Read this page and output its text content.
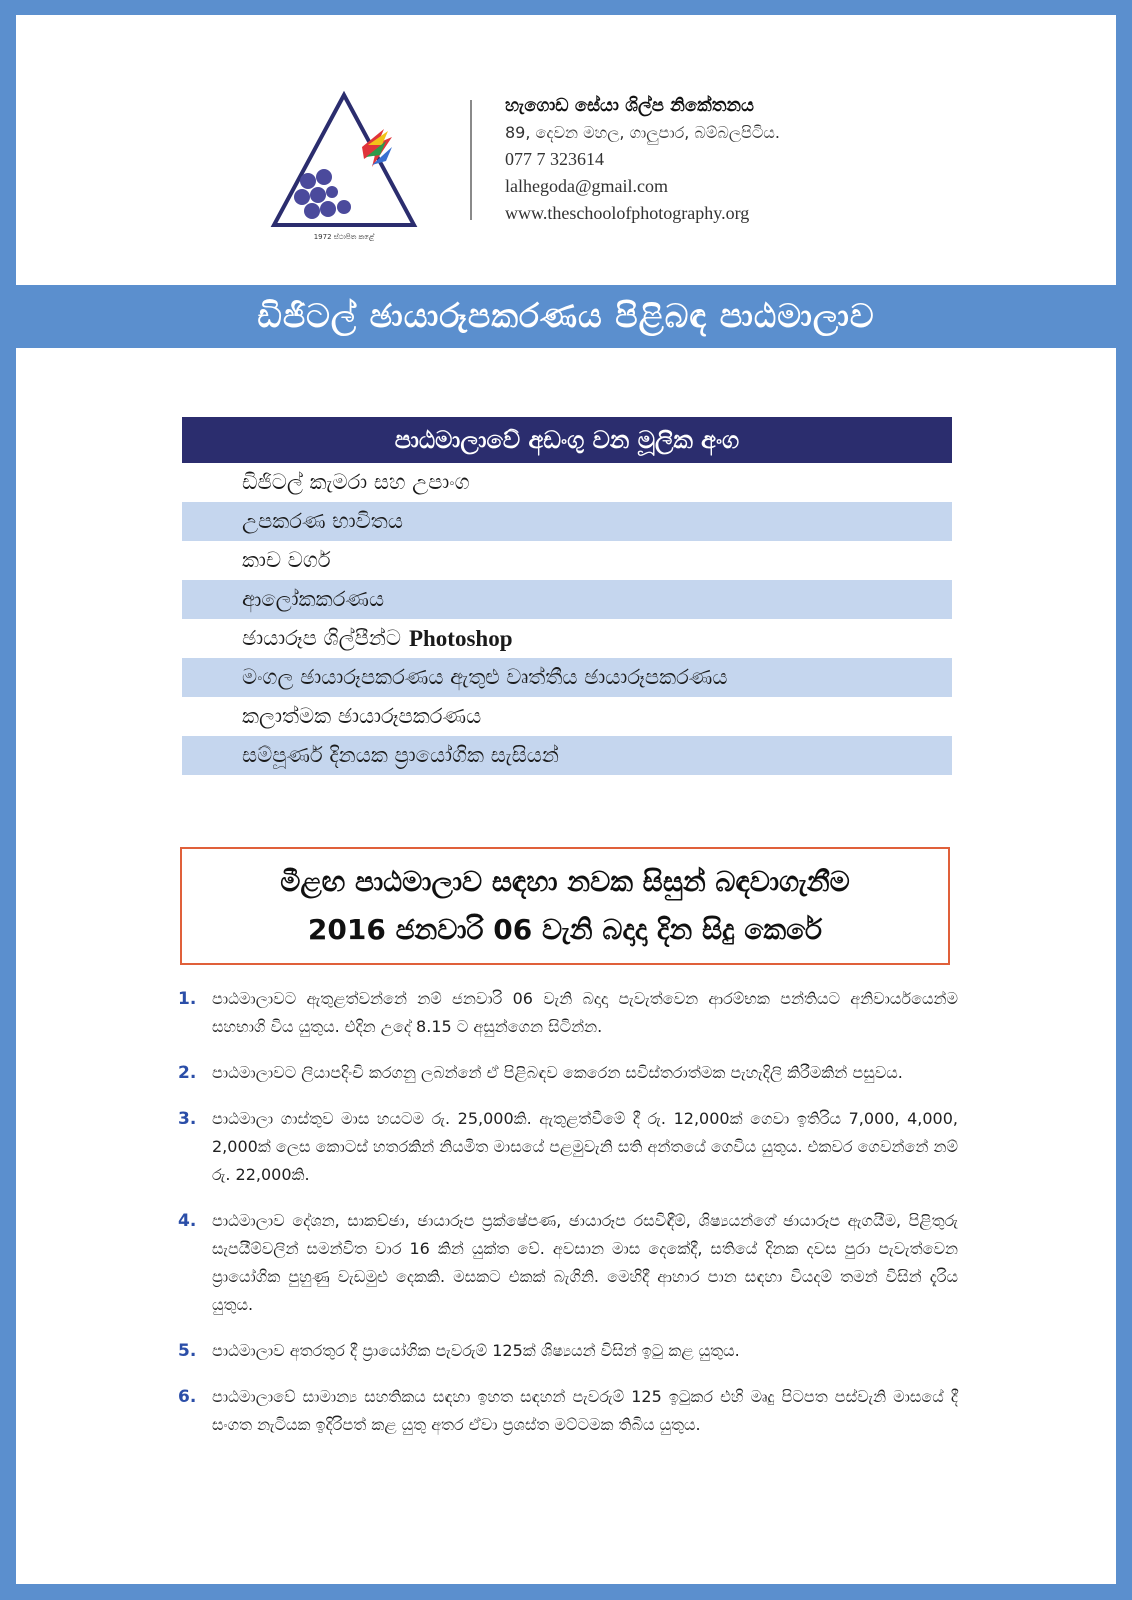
1972 ස්ථාපිත කළේ
හැගොඩ සේයා ශිල්ප නිකේතනය
89, දෙවන මහල, ගාලුපාර, බම්බලපිටිය.
077 7 323614
lalhegoda@gmail.com
www.theschoolofphotography.org
ඩිජිටල් ඡායාරූපකරණය පිළිබඳ පාඨමාලාව
පාඨමාලාවේ අඩංගු වන මූලික අංග
ඩිජිටල් කැමරා සහ උපාංග
උපකරණ භාවිතය
කාච වර්ග
ආලෝකකරණය
ඡායාරූප ශිල්පීන්ට Photoshop
මංගල ඡායාරූපකරණය ඇතුළු වෘත්තීය ඡායාරූපකරණය
කලාත්මක ඡායාරූපකරණය
සම්පූර්ණ දිනයක ප්‍රායෝගික සැසියන්
මීළඟ පාඨමාලාව සඳහා නවක සිසුන් බඳවාගැනීම
2016 ජනවාරි 06 වැනි බදාදා දින සිදු කෙරේ
1. පාඨමාලාවට ඇතුළත්වන්නේ නම් ජනවාරි 06 වැනි බදාදා පැවැත්වෙන ආරම්භක පන්තියට අනිවාර්යයෙන්ම සහභාගි විය යුතුය. එදින උදේ 8.15 ට අසුන්ගෙන සිටින්න.
2. පාඨමාලාවට ලියාපදිංචි කරගනු ලබන්නේ ඒ පිළිබඳව කෙරෙන සවිස්තරාත්මක පැහැදිලි කිරීමකින් පසුවය.
3. පාඨමාලා ගාස්තුව මාස හයටම රු. 25,000කි. ඇතුළත්වීමේ දී රු. 12,000ක් ගෙවා ඉතිරිය 7,000, 4,000, 2,000ක් ලෙස කොටස් හතරකින් නියමිත මාසයේ පළමුවැනි සති අන්තයේ ගෙවිය යුතුය. එකවර ගෙවන්නේ නම් රු. 22,000කි.
4. පාඨමාලාව දේශන, සාකච්ඡා, ඡායාරූප ප්‍රක්ෂේපණ, ඡායාරූප රසවිඳීම්, ශිෂ්‍යයන්ගේ ඡායාරූප ඇගයීම, පිළිතුරු සැපයීම්වලින් සමන්විත වාර 16 කින් යුක්ත වේ. අවසාන මාස දෙකේදී, සතියේ දිනක දවස පුරා පැවැත්වෙන ප්‍රායෝගික පුහුණු වැඩමුළු දෙකකි. මසකට එකක් බැගිනි. මෙහිදී ආහාර පාන සඳහා වියදම් තමන් විසින් දැරිය යුතුය.
5. පාඨමාලාව අතරතුර දී ප්‍රායෝගික පැවරුම් 125ක් ශිෂ්‍යයන් විසින් ඉටු කළ යුතුය.
6. පාඨමාලාවේ සාමාන්‍ය සහතිකය සඳහා ඉහත සඳහන් පැවරුම් 125 ඉටුකර එහි මෘදු පිටපත පස්වැනි මාසයේ දී සංගත නැටියක ඉදිරිපත් කළ යුතු අතර ඒවා ප්‍රශස්ත මට්ටමක තිබිය යුතුය.
